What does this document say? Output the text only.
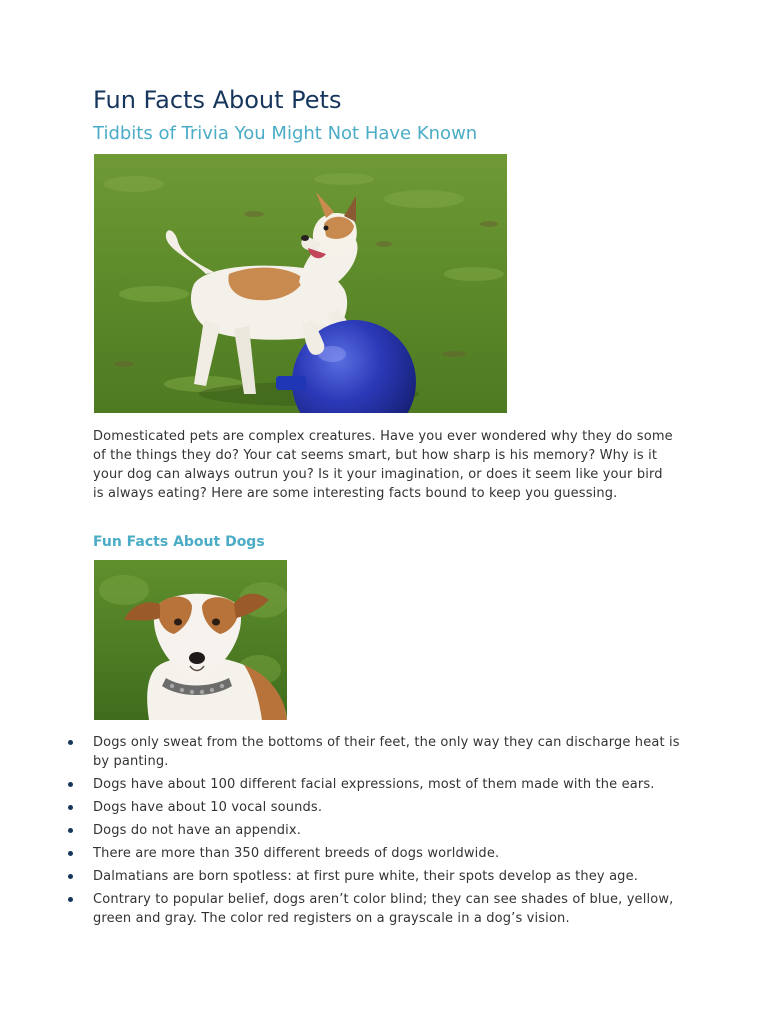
Fun Facts About Pets
Tidbits of Trivia You Might Not Have Known

Domesticated pets are complex creatures. Have you ever wondered why they do some of the things they do? Your cat seems smart, but how sharp is his memory? Why is it your dog can always outrun you? Is it your imagination, or does it seem like your bird is always eating? Here are some interesting facts bound to keep you guessing.

Fun Facts About Dogs
Dogs only sweat from the bottoms of their feet, the only way they can discharge heat is by panting.
Dogs have about 100 different facial expressions, most of them made with the ears.
Dogs have about 10 vocal sounds.
Dogs do not have an appendix.
There are more than 350 different breeds of dogs worldwide.
Dalmatians are born spotless: at first pure white, their spots develop as they age.
Contrary to popular belief, dogs aren’t color blind; they can see shades of blue, yellow, green and gray. The color red registers on a grayscale in a dog’s vision.
